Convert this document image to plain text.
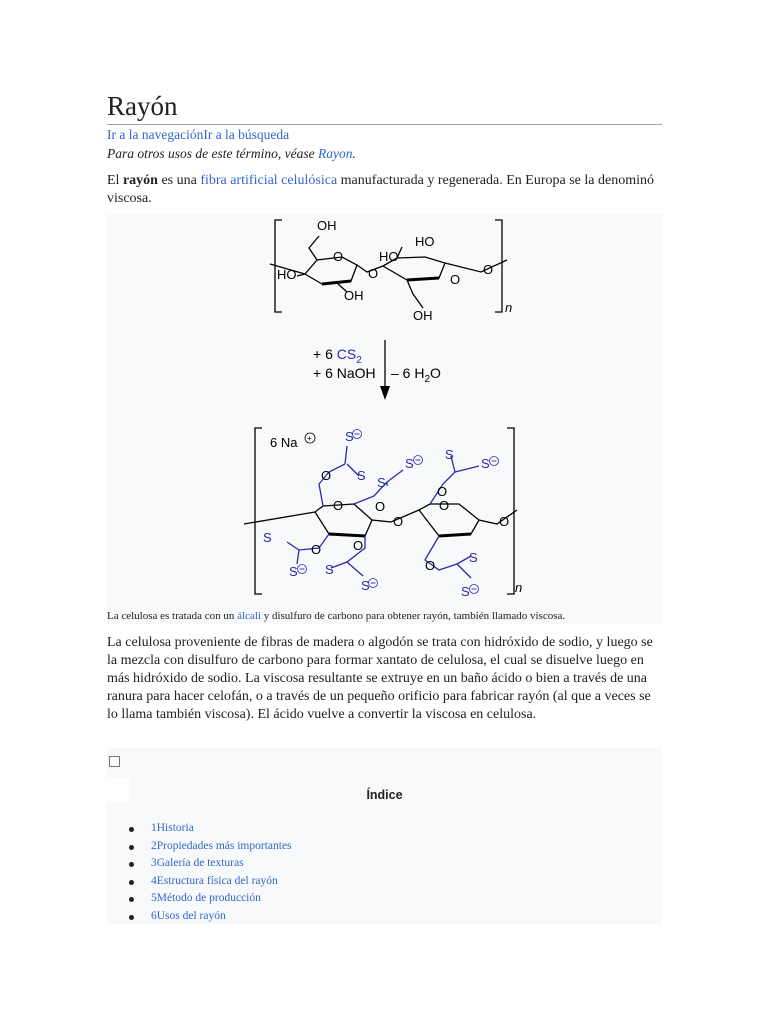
Rayón
Ir a la navegaciónIr a la búsqueda
Para otros usos de este término, véase Rayon.
El rayón es una fibra artificial celulósica manufacturada y regenerada. En Europa se la denominó viscosa.
OH
HO
OH
O
O
HO
HO
O
O
OH
n
+ 6 $CS_2$
+ 6 NaOH – 6 $H_2O$
6 Na +	S
S
S
S
S
S S
S
S
S
S
S
O
O
O
O
O
O
O
O
O
O
n
La celulosa es tratada con un álcali y disulfuro de carbono para obtener rayón, también llamado viscosa.
La celulosa proveniente de fibras de madera o algodón se trata con hidróxido de sodio, y luego se la mezcla con disulfuro de carbono para formar xantato de celulosa, el cual se disuelve luego en más hidróxido de sodio. La viscosa resultante se extruye en un baño ácido o bien a través de una ranura para hacer celofán, o a través de un pequeño orificio para fabricar rayón (al que a veces se lo llama también viscosa). El ácido vuelve a convertir la viscosa en celulosa.
Índice
1Historia
2Propiedades más importantes
3Galería de texturas
4Estructura física del rayón
5Método de producción
6Usos del rayón
